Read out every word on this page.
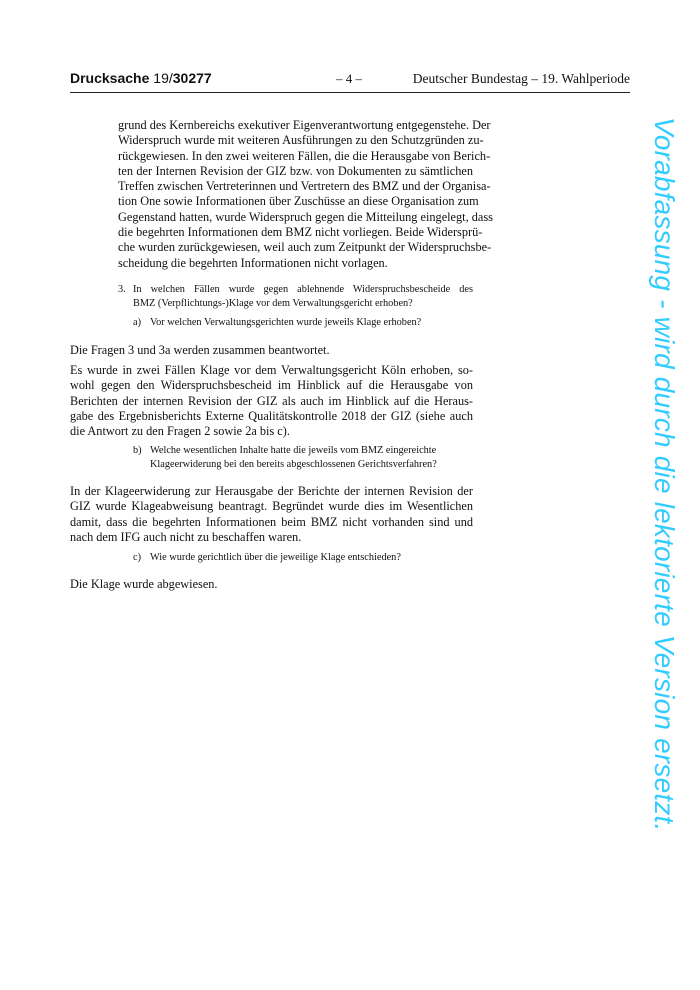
Drucksache 19/30277	– 4 –	Deutscher Bundestag – 19. Wahlperiode
grund des Kernbereichs exekutiver Eigenverantwortung entgegenstehe. Der
Widerspruch wurde mit weiteren Ausführungen zu den Schutzgründen zu-
rückgewiesen. In den zwei weiteren Fällen, die die Herausgabe von Berich-
ten der Internen Revision der GIZ bzw. von Dokumenten zu sämtlichen
Treffen zwischen Vertreterinnen und Vertretern des BMZ und der Organisa-
tion One sowie Informationen über Zuschüsse an diese Organisation zum
Gegenstand hatten, wurde Widerspruch gegen die Mitteilung eingelegt, dass
die begehrten Informationen dem BMZ nicht vorliegen. Beide Widersprü-
che wurden zurückgewiesen, weil auch zum Zeitpunkt der Widerspruchsbe-
scheidung die begehrten Informationen nicht vorlagen.
3. In welchen Fällen wurde gegen ablehnende Widerspruchsbescheide des
BMZ (Verpflichtungs-)Klage vor dem Verwaltungsgericht erhoben?
a) Vor welchen Verwaltungsgerichten wurde jeweils Klage erhoben?
Die Fragen 3 und 3a werden zusammen beantwortet.
Es wurde in zwei Fällen Klage vor dem Verwaltungsgericht Köln erhoben, so-
wohl gegen den Widerspruchsbescheid im Hinblick auf die Herausgabe von
Berichten der internen Revision der GIZ als auch im Hinblick auf die Heraus-
gabe des Ergebnisberichts Externe Qualitätskontrolle 2018 der GIZ (siehe auch
die Antwort zu den Fragen 2 sowie 2a bis c).
b) Welche wesentlichen Inhalte hatte die jeweils vom BMZ eingereichte
Klageerwiderung bei den bereits abgeschlossenen Gerichtsverfahren?
In der Klageerwiderung zur Herausgabe der Berichte der internen Revision der
GIZ wurde Klageabweisung beantragt. Begründet wurde dies im Wesentlichen
damit, dass die begehrten Informationen beim BMZ nicht vorhanden sind und
nach dem IFG auch nicht zu beschaffen waren.
c) Wie wurde gerichtlich über die jeweilige Klage entschieden?
Die Klage wurde abgewiesen.	Vorabfassung - wird durch die lektorierte Version ersetzt.
